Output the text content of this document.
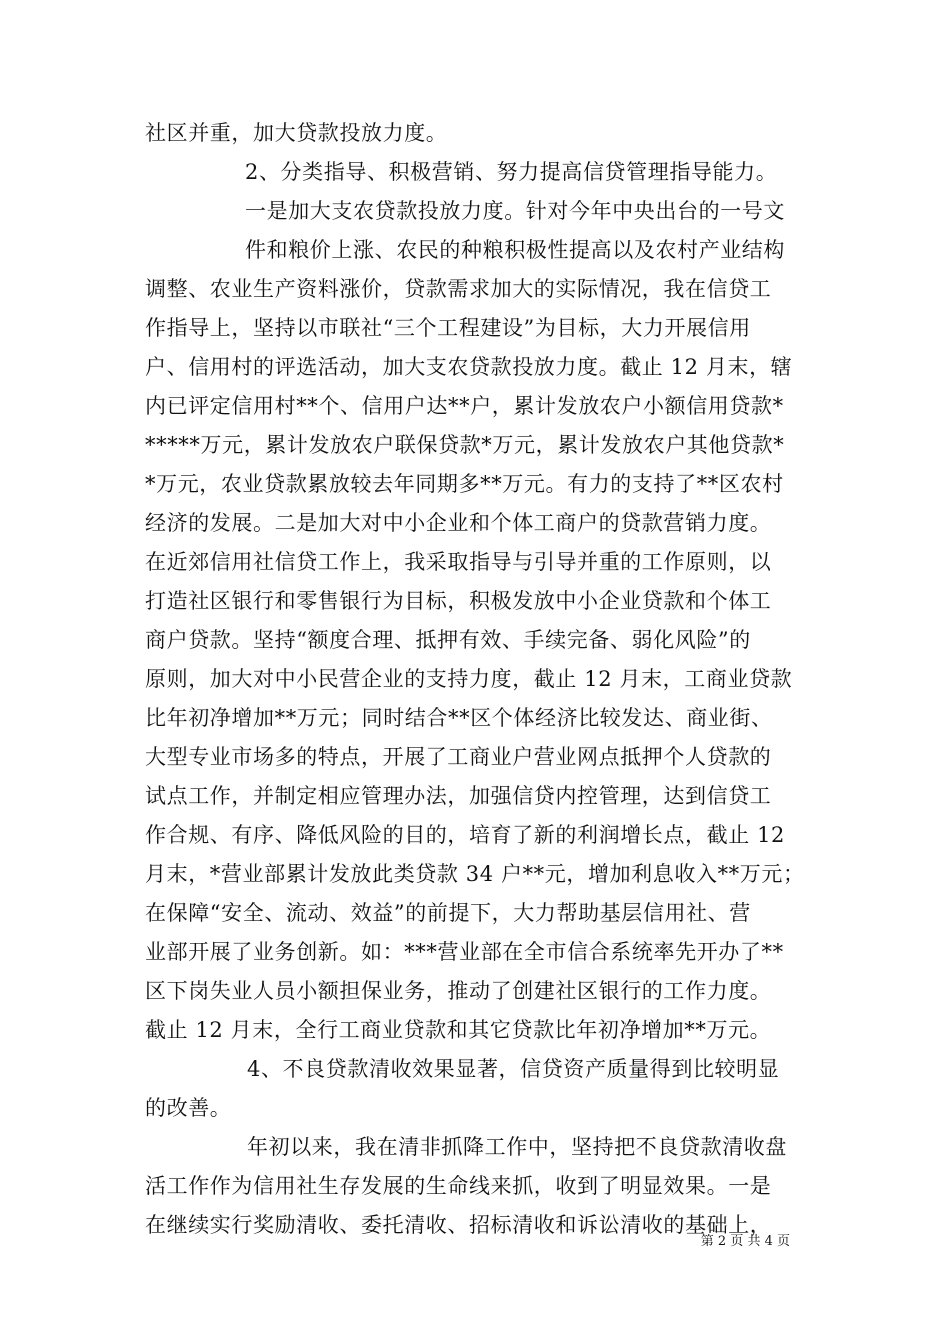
社区并重，加大贷款投放力度。
2、分类指导、积极营销、努力提高信贷管理指导能力。
一是加大支农贷款投放力度。针对今年中央出台的一号文
件和粮价上涨、农民的种粮积极性提高以及农村产业结构
调整、农业生产资料涨价，贷款需求加大的实际情况，我在信贷工
作指导上，坚持以市联社“三个工程建设”为目标，大力开展信用
户、信用村的评选活动，加大支农贷款投放力度。截止 12 月末，辖
内已评定信用村**个、信用户达**户，累计发放农户小额信用贷款*
*****万元，累计发放农户联保贷款*万元，累计发放农户其他贷款*
*万元，农业贷款累放较去年同期多**万元。有力的支持了**区农村
经济的发展。二是加大对中小企业和个体工商户的贷款营销力度。
在近郊信用社信贷工作上，我采取指导与引导并重的工作原则，以
打造社区银行和零售银行为目标，积极发放中小企业贷款和个体工
商户贷款。坚持“额度合理、抵押有效、手续完备、弱化风险”的
原则，加大对中小民营企业的支持力度，截止 12 月末，工商业贷款
比年初净增加**万元；同时结合**区个体经济比较发达、商业街、
大型专业市场多的特点，开展了工商业户营业网点抵押个人贷款的
试点工作，并制定相应管理办法，加强信贷内控管理，达到信贷工
作合规、有序、降低风险的目的，培育了新的利润增长点，截止 12
月末，*营业部累计发放此类贷款 34 户**元，增加利息收入**万元；
在保障“安全、流动、效益”的前提下，大力帮助基层信用社、营
业部开展了业务创新。如：***营业部在全市信合系统率先开办了**
区下岗失业人员小额担保业务，推动了创建社区银行的工作力度。
截止 12 月末，全行工商业贷款和其它贷款比年初净增加**万元。
4、不良贷款清收效果显著，信贷资产质量得到比较明显
的改善。
年初以来，我在清非抓降工作中，坚持把不良贷款清收盘
活工作作为信用社生存发展的生命线来抓，收到了明显效果。一是
在继续实行奖励清收、委托清收、招标清收和诉讼清收的基础上，
第 2 页 共 4 页
